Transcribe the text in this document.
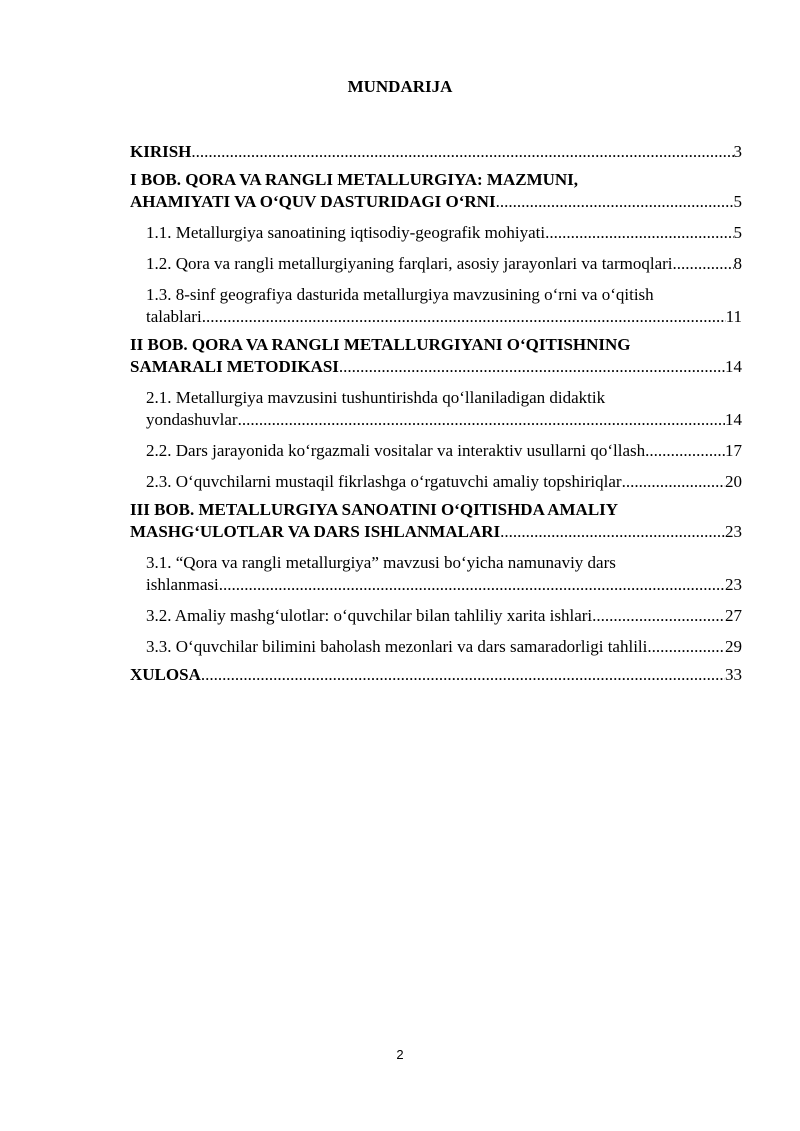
MUNDARIJA
KIRISH .....	3
I BOB. QORA VA RANGLI METALLURGIYA: MAZMUNI,
AHAMIYATI VA O‘QUV DASTURIDAGI O‘RNI .....	5
1.1. Metallurgiya sanoatining iqtisodiy-geografik mohiyati .....	5
1.2. Qora va rangli metallurgiyaning farqlari, asosiy jarayonlari va tarmoqlari .....	8
1.3. 8-sinf geografiya dasturida metallurgiya mavzusining o‘rni va o‘qitish
talablari .....	11
II BOB. QORA VA RANGLI METALLURGIYANI O‘QITISHNING
SAMARALI METODIKASI .....	14
2.1. Metallurgiya mavzusini tushuntirishda qo‘llaniladigan didaktik
yondashuvlar .....	14
2.2. Dars jarayonida ko‘rgazmali vositalar va interaktiv usullarni qo‘llash .....	17
2.3. O‘quvchilarni mustaqil fikrlashga o‘rgatuvchi amaliy topshiriqlar .....	20
III BOB. METALLURGIYA SANOATINI O‘QITISHDA AMALIY
MASHG‘ULOTLAR VA DARS ISHLANMALARI .....	23
3.1. “Qora va rangli metallurgiya” mavzusi bo‘yicha namunaviy dars
ishlanmasi .....	23
3.2. Amaliy mashg‘ulotlar: o‘quvchilar bilan tahliliy xarita ishlari .....	27
3.3. O‘quvchilar bilimini baholash mezonlari va dars samaradorligi tahlili .....	29
XULOSA .....	33
2
